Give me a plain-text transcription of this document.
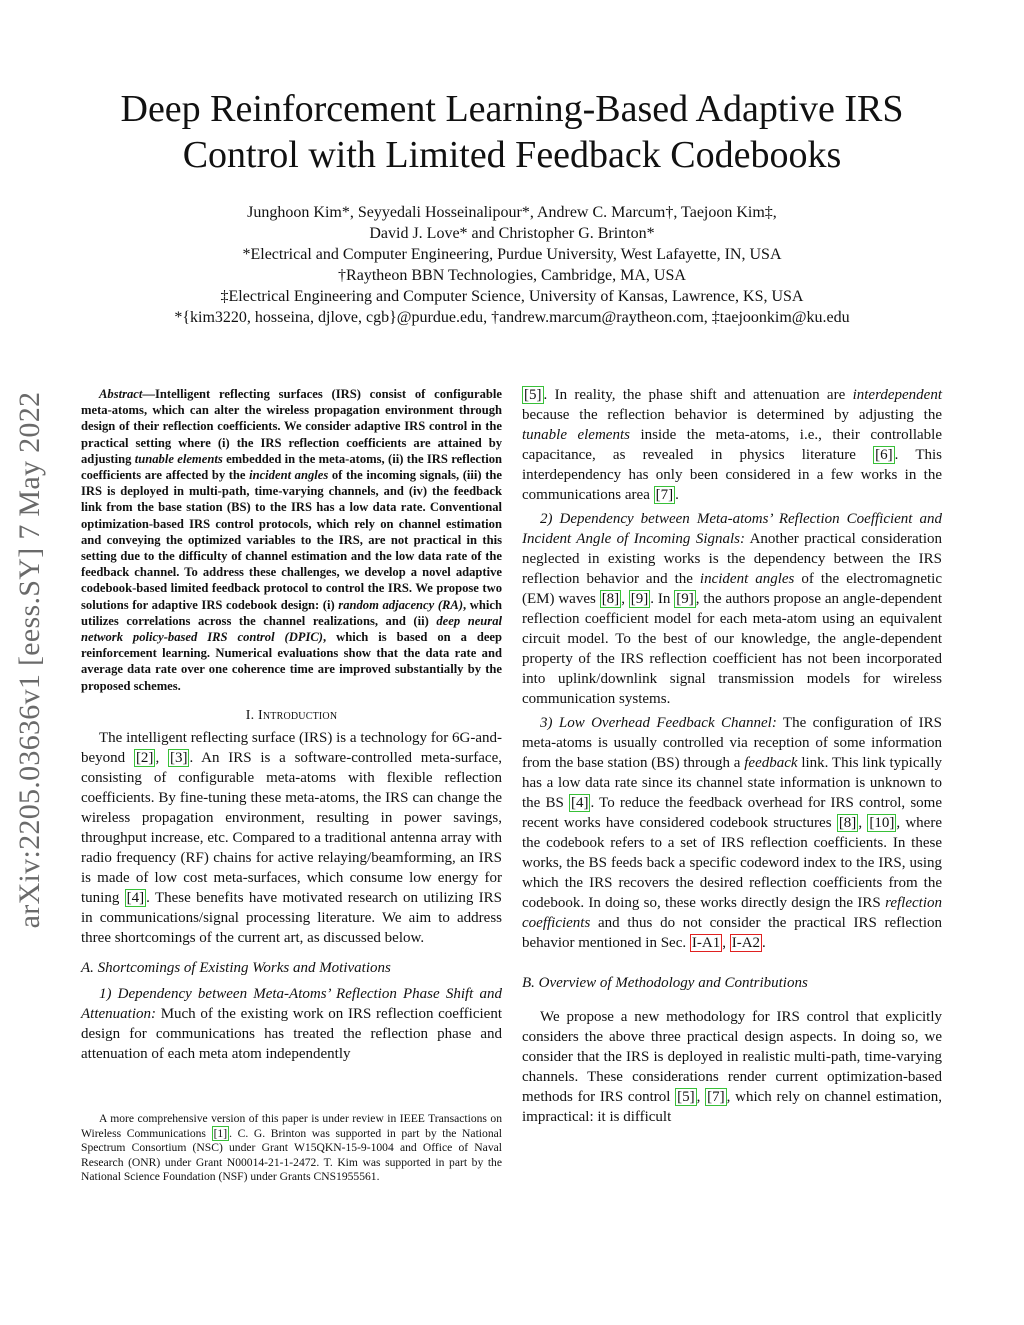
arXiv:2205.03636v1 [eess.SY] 7 May 2022
Deep Reinforcement Learning-Based Adaptive IRS
Control with Limited Feedback Codebooks
Junghoon Kim*, Seyyedali Hosseinalipour*, Andrew C. Marcum†, Taejoon Kim‡,
David J. Love* and Christopher G. Brinton*
*Electrical and Computer Engineering, Purdue University, West Lafayette, IN, USA
†Raytheon BBN Technologies, Cambridge, MA, USA
‡Electrical Engineering and Computer Science, University of Kansas, Lawrence, KS, USA
*{kim3220, hosseina, djlove, cgb}@purdue.edu, †andrew.marcum@raytheon.com, ‡taejoonkim@ku.edu

Abstract—Intelligent reflecting surfaces (IRS) consist of configurable meta-atoms, which can alter the wireless propagation environment through design of their reflection coefficients. We consider adaptive IRS control in the practical setting where (i) the IRS reflection coefficients are attained by adjusting tunable elements embedded in the meta-atoms, (ii) the IRS reflection coefficients are affected by the incident angles of the incoming signals, (iii) the IRS is deployed in multi-path, time-varying channels, and (iv) the feedback link from the base station (BS) to the IRS has a low data rate. Conventional optimization-based IRS control protocols, which rely on channel estimation and conveying the optimized variables to the IRS, are not practical in this setting due to the difficulty of channel estimation and the low data rate of the feedback channel. To address these challenges, we develop a novel adaptive codebook-based limited feedback protocol to control the IRS. We propose two solutions for adaptive IRS codebook design: (i) random adjacency (RA), which utilizes correlations across the channel realizations, and (ii) deep neural network policy-based IRS control (DPIC), which is based on a deep reinforcement learning. Numerical evaluations show that the data rate and average data rate over one coherence time are improved substantially by the proposed schemes.

I. Introduction

The intelligent reflecting surface (IRS) is a technology for 6G-and-beyond [2] , [3] . An IRS is a software-controlled meta-surface, consisting of configurable meta-atoms with flexible reflection coefficients. By fine-tuning these meta-atoms, the IRS can change the wireless propagation environment, resulting in power savings, throughput increase, etc. Compared to a traditional antenna array with radio frequency (RF) chains for active relaying/beamforming, an IRS is made of low cost meta-surfaces, which consume low energy for tuning [4] . These benefits have motivated research on utilizing IRS in communications/signal processing literature. We aim to address three shortcomings of the current art, as discussed below.

A. Shortcomings of Existing Works and Motivations

1) Dependency between Meta-Atoms’ Reflection Phase Shift and Attenuation: Much of the existing work on IRS reflection coefficient design for communications has treated the reflection phase and attenuation of each meta atom independently

[5] . In reality, the phase shift and attenuation are interdependent because the reflection behavior is determined by adjusting the tunable elements inside the meta-atoms, i.e., their controllable capacitance, as revealed in physics literature [6] . This interdependency has only been considered in a few works in the communications area [7] .

2) Dependency between Meta-atoms’ Reflection Coefficient and Incident Angle of Incoming Signals: Another practical consideration neglected in existing works is the dependency between the IRS reflection behavior and the incident angles of the electromagnetic (EM) waves [8] , [9] . In [9] , the authors propose an angle-dependent reflection coefficient model for each meta-atom using an equivalent circuit model. To the best of our knowledge, the angle-dependent property of the IRS reflection coefficient has not been incorporated into uplink/downlink signal transmission models for wireless communication systems.

3) Low Overhead Feedback Channel: The configuration of IRS meta-atoms is usually controlled via reception of some information from the base station (BS) through a feedback link. This link typically has a low data rate since its channel state information is unknown to the BS [4] . To reduce the feedback overhead for IRS control, some recent works have considered codebook structures [8] , [10] , where the codebook refers to a set of IRS reflection coefficients. In these works, the BS feeds back a specific codeword index to the IRS, using which the IRS recovers the desired reflection coefficients from the codebook. In doing so, these works directly design the IRS reflection coefficients and thus do not consider the practical IRS reflection behavior mentioned in Sec. I-A1 , I-A2 .

B. Overview of Methodology and Contributions

We propose a new methodology for IRS control that explicitly considers the above three practical design aspects. In doing so, we consider that the IRS is deployed in realistic multi-path, time-varying channels. These considerations render current optimization-based methods for IRS control [5] , [7] , which rely on channel estimation, impractical: it is difficult

A more comprehensive version of this paper is under review in IEEE Transactions on Wireless Communications [1] . C. G. Brinton was supported in part by the National Spectrum Consortium (NSC) under Grant W15QKN-15-9-1004 and Office of Naval Research (ONR) under Grant N00014-21-1-2472. T. Kim was supported in part by the National Science Foundation (NSF) under Grants CNS1955561.
